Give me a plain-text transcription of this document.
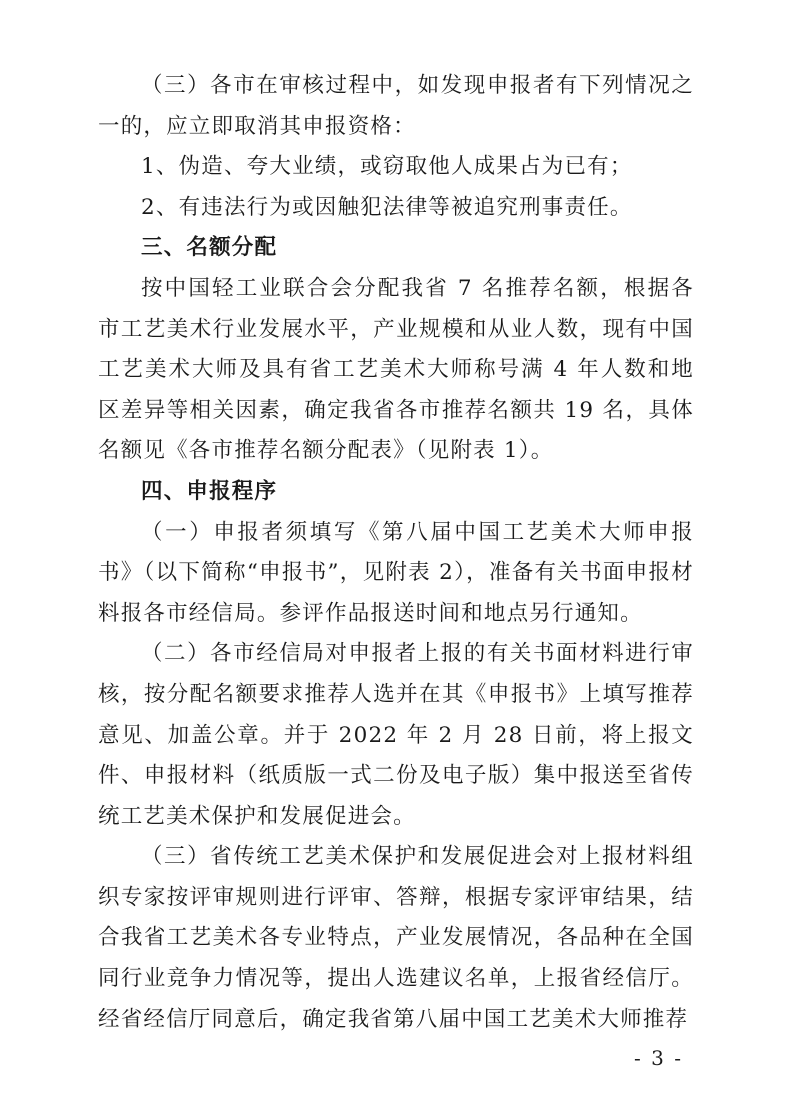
（三）各市在审核过程中，如发现申报者有下列情况之一的，应立即取消其申报资格：

1、伪造、夸大业绩，或窃取他人成果占为已有；

2、有违法行为或因触犯法律等被追究刑事责任。

三、名额分配

按中国轻工业联合会分配我省 7 名推荐名额，根据各市工艺美术行业发展水平，产业规模和从业人数，现有中国工艺美术大师及具有省工艺美术大师称号满 4 年人数和地区差异等相关因素，确定我省各市推荐名额共 19 名，具体名额见《各市推荐名额分配表》（见附表 1）。

四、申报程序

（一）申报者须填写《第八届中国工艺美术大师申报书》（以下简称“申报书”，见附表 2），准备有关书面申报材料报各市经信局。参评作品报送时间和地点另行通知。

（二）各市经信局对申报者上报的有关书面材料进行审核，按分配名额要求推荐人选并在其《申报书》上填写推荐意见、加盖公章。并于 2022 年 2 月 28 日前，将上报文件、申报材料（纸质版一式二份及电子版）集中报送至省传统工艺美术保护和发展促进会。

（三）省传统工艺美术保护和发展促进会对上报材料组织专家按评审规则进行评审、答辩，根据专家评审结果，结合我省工艺美术各专业特点，产业发展情况，各品种在全国同行业竞争力情况等，提出人选建议名单，上报省经信厅。经省经信厅同意后，确定我省第八届中国工艺美术大师推荐

- 3 -
